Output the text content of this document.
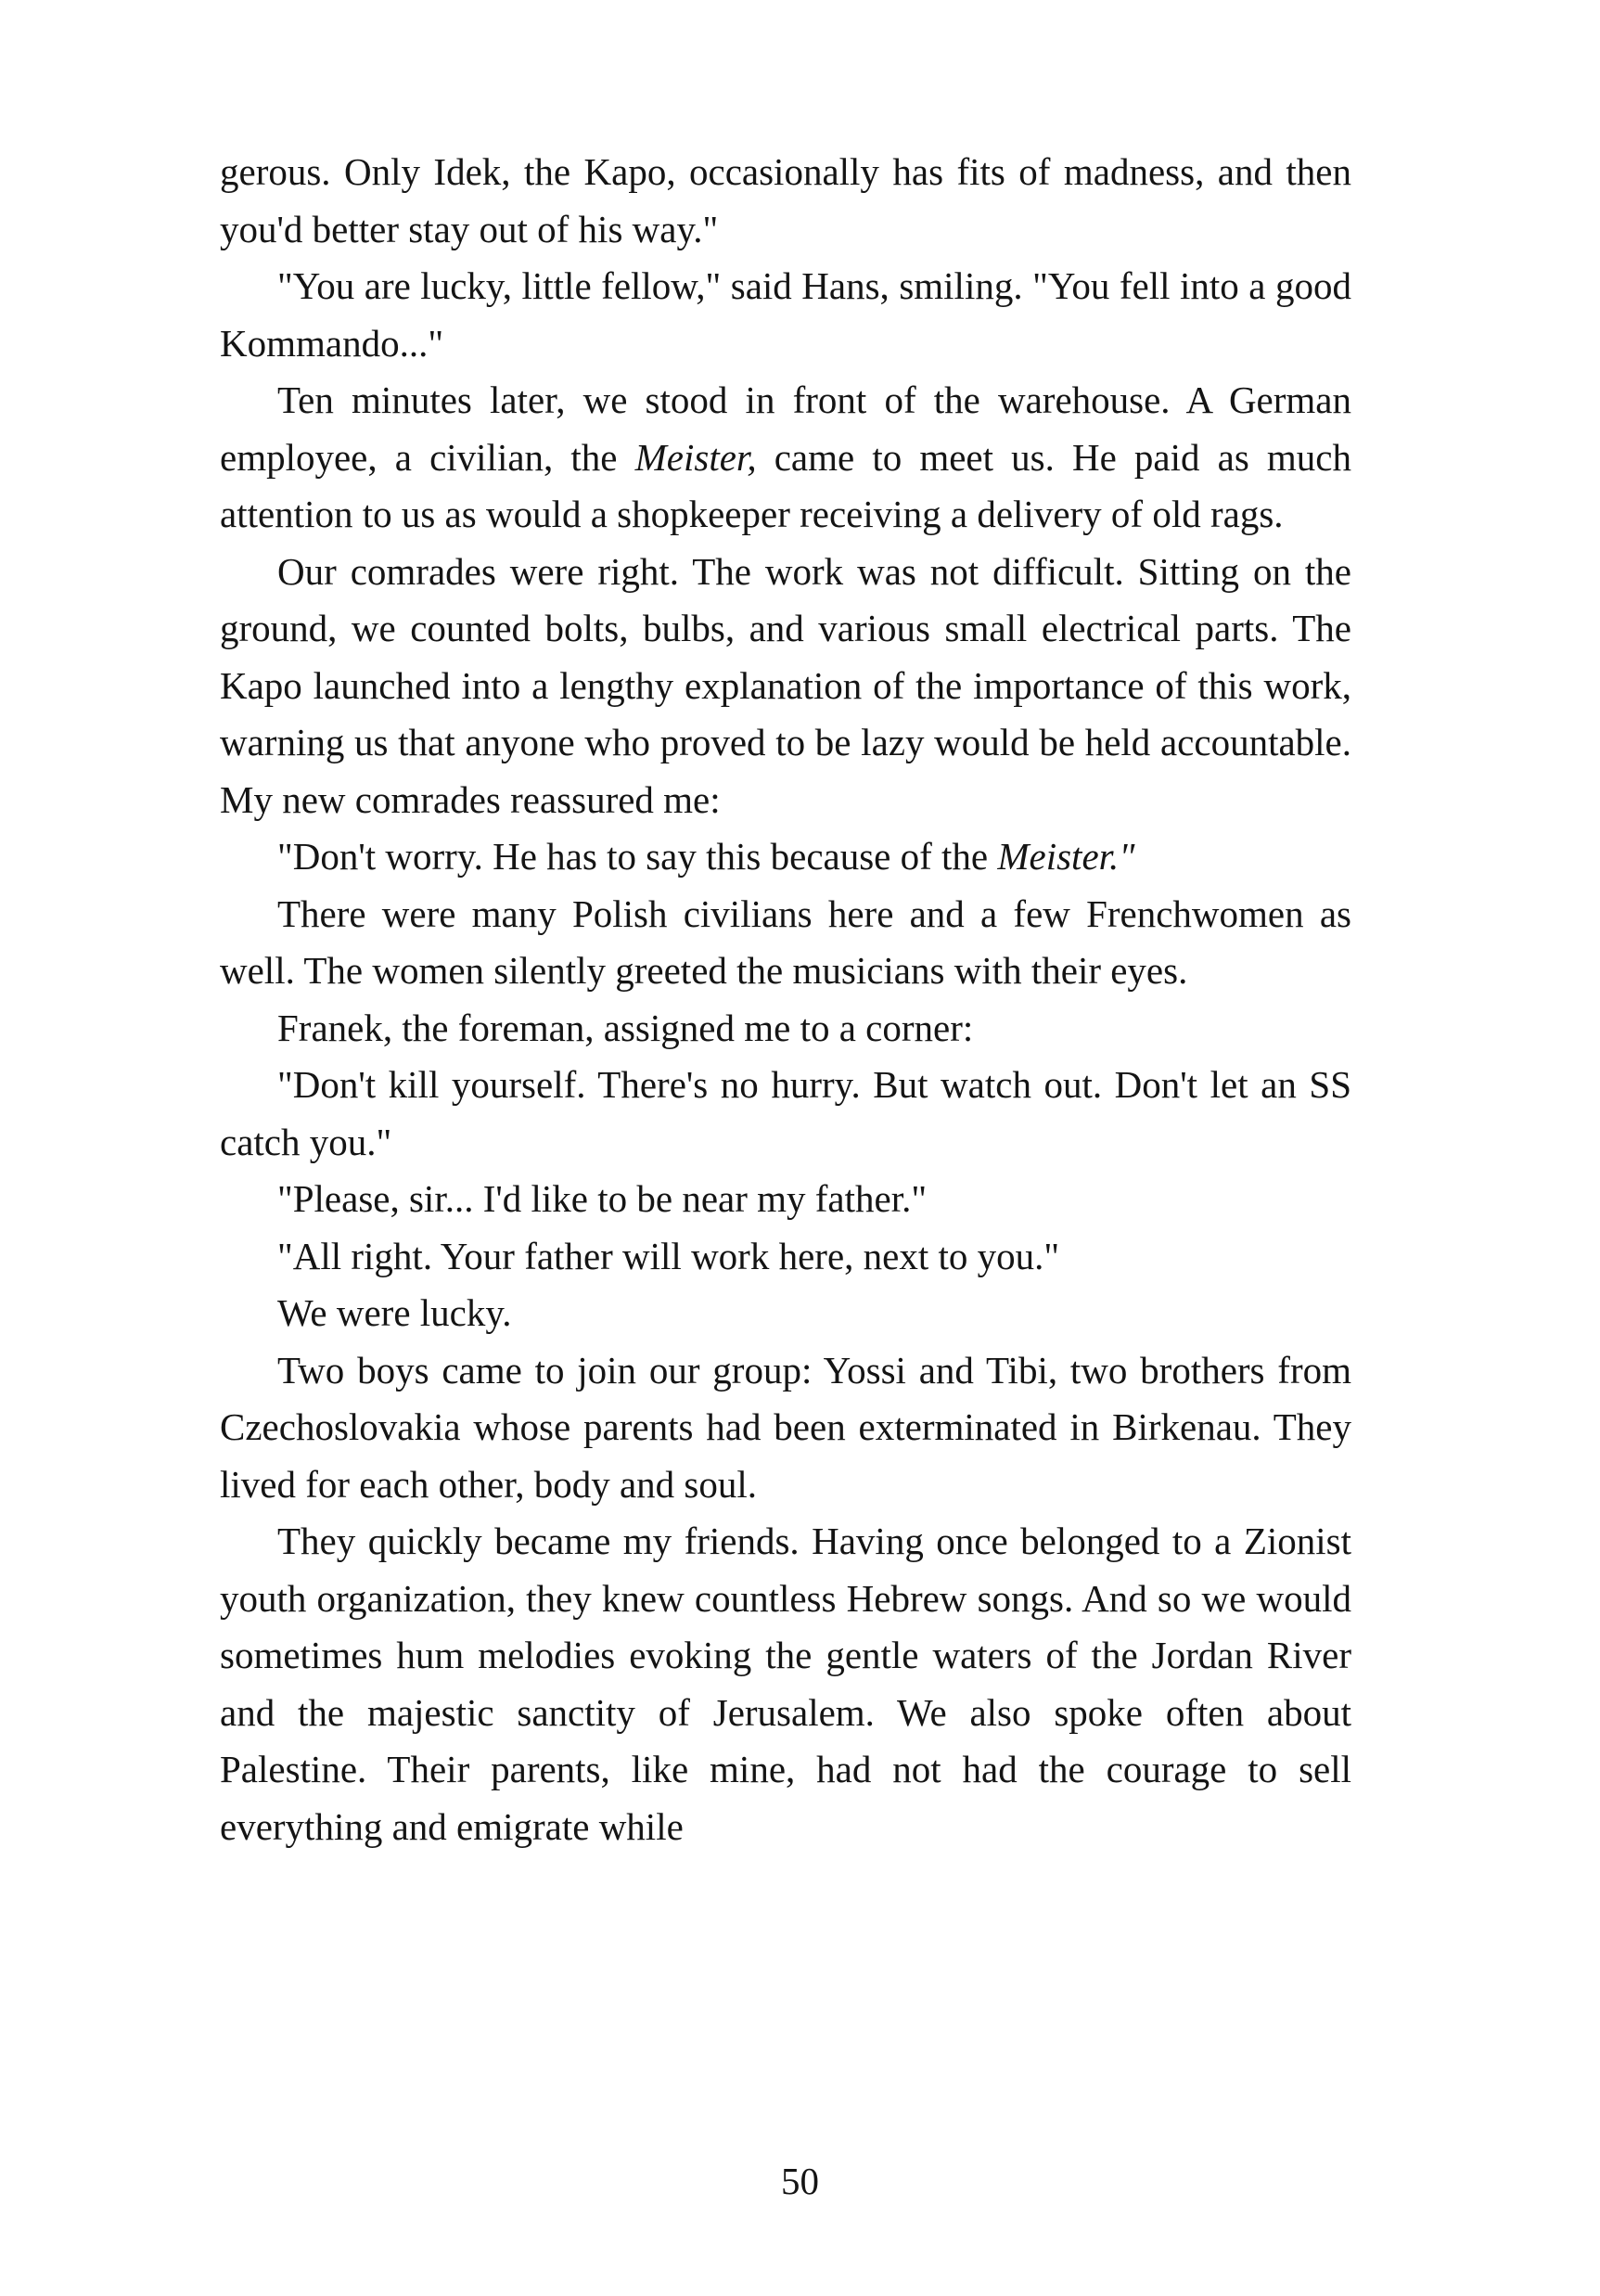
gerous. Only Idek, the Kapo, occasionally has fits of madness, and then you'd better stay out of his way."

"You are lucky, little fellow," said Hans, smiling. "You fell into a good Kommando..."

Ten minutes later, we stood in front of the warehouse. A German employee, a civilian, the Meister, came to meet us. He paid as much attention to us as would a shopkeeper receiving a delivery of old rags.

Our comrades were right. The work was not difficult. Sitting on the ground, we counted bolts, bulbs, and various small electrical parts. The Kapo launched into a lengthy explanation of the importance of this work, warning us that anyone who proved to be lazy would be held accountable. My new comrades reassured me:

"Don't worry. He has to say this because of the Meister."

There were many Polish civilians here and a few Frenchwomen as well. The women silently greeted the musicians with their eyes.

Franek, the foreman, assigned me to a corner:

"Don't kill yourself. There's no hurry. But watch out. Don't let an SS catch you."

"Please, sir... I'd like to be near my father."

"All right. Your father will work here, next to you."

We were lucky.

Two boys came to join our group: Yossi and Tibi, two brothers from Czechoslovakia whose parents had been exterminated in Birkenau. They lived for each other, body and soul.

They quickly became my friends. Having once belonged to a Zionist youth organization, they knew countless Hebrew songs. And so we would sometimes hum melodies evoking the gentle waters of the Jordan River and the majestic sanctity of Jerusalem. We also spoke often about Palestine. Their parents, like mine, had not had the courage to sell everything and emigrate while

50
